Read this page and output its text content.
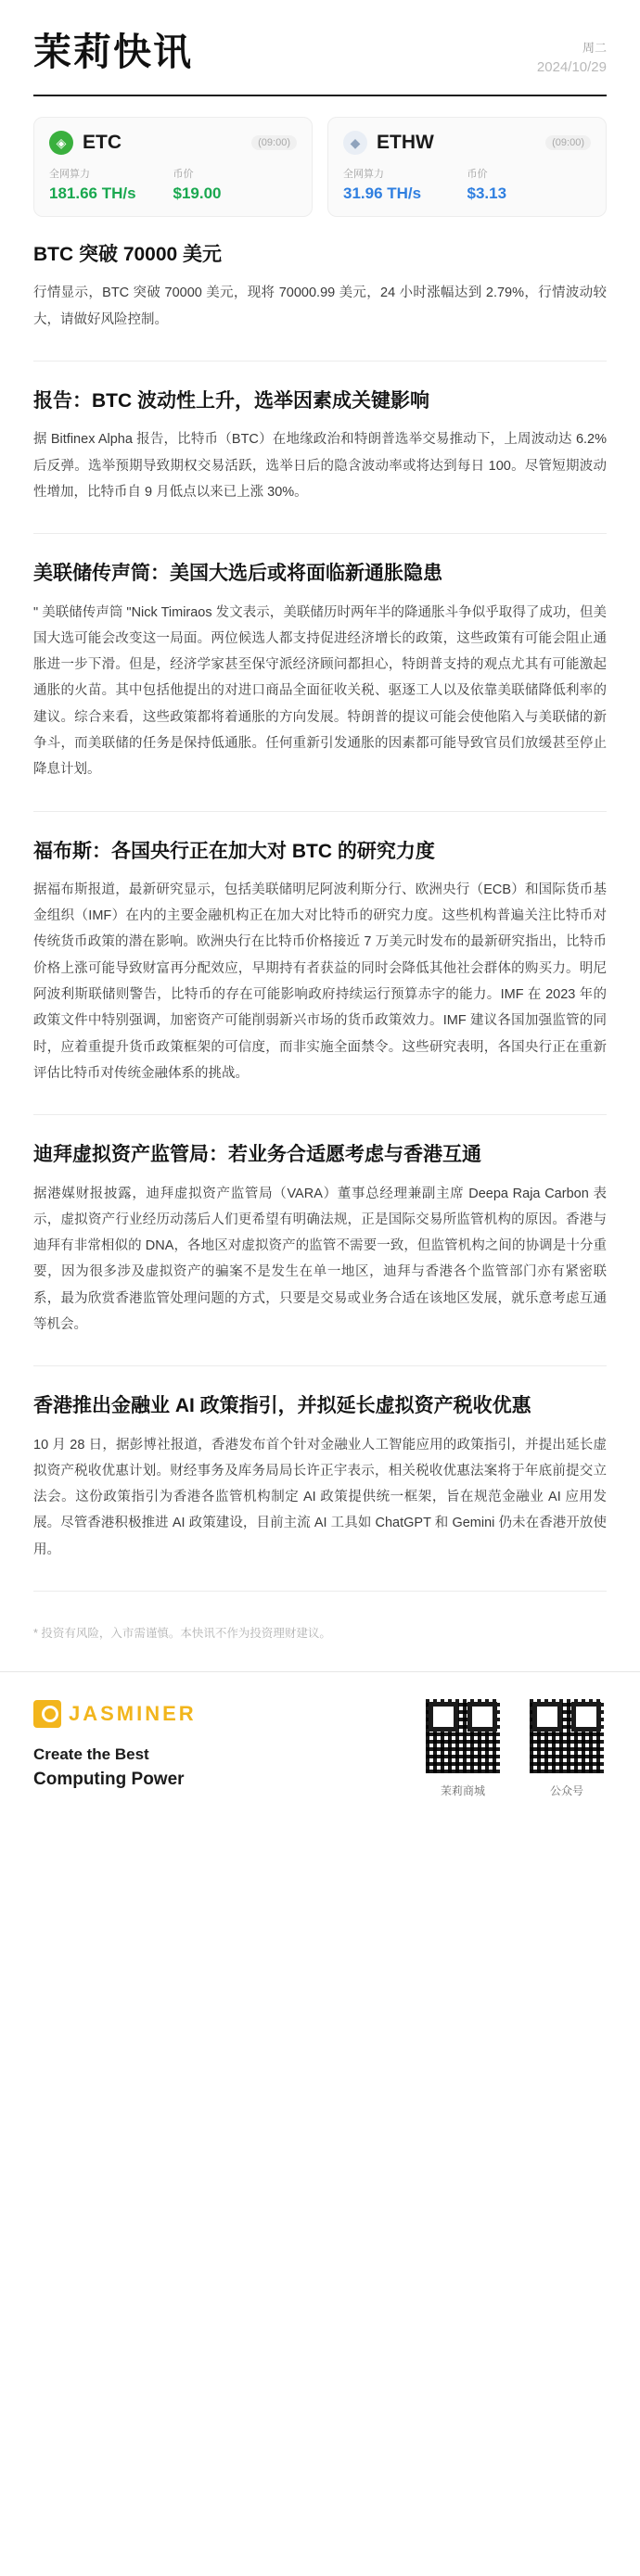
茉莉快讯	周二
2024/10/29
◈ ETC	(09:00)
全网算力
181.66 TH/s
币价
$19.00
◆ ETHW	(09:00)
全网算力
31.96 TH/s
币价
$3.13
BTC 突破 70000 美元

行情显示，BTC 突破 70000 美元，现将 70000.99 美元，24 小时涨幅达到 2.79%，行情波动较大，请做好风险控制。

报告：BTC 波动性上升，选举因素成关键影响

据 Bitfinex Alpha 报告，比特币（BTC）在地缘政治和特朗普选举交易推动下，上周波动达 6.2% 后反弹。选举预期导致期权交易活跃，选举日后的隐含波动率或将达到每日 100。尽管短期波动性增加，比特币自 9 月低点以来已上涨 30%。

美联储传声筒：美国大选后或将面临新通胀隐患

" 美联储传声筒 "Nick Timiraos 发文表示，美联储历时两年半的降通胀斗争似乎取得了成功，但美国大选可能会改变这一局面。两位候选人都支持促进经济增长的政策，这些政策有可能会阻止通胀进一步下滑。但是，经济学家甚至保守派经济顾问都担心，特朗普支持的观点尤其有可能激起通胀的火苗。其中包括他提出的对进口商品全面征收关税、驱逐工人以及依靠美联储降低利率的建议。综合来看，这些政策都将着通胀的方向发展。特朗普的提议可能会使他陷入与美联储的新争斗，而美联储的任务是保持低通胀。任何重新引发通胀的因素都可能导致官员们放缓甚至停止降息计划。

福布斯：各国央行正在加大对 BTC 的研究力度

据福布斯报道，最新研究显示，包括美联储明尼阿波利斯分行、欧洲央行（ECB）和国际货币基金组织（IMF）在内的主要金融机构正在加大对比特币的研究力度。这些机构普遍关注比特币对传统货币政策的潜在影响。欧洲央行在比特币价格接近 7 万美元时发布的最新研究指出，比特币价格上涨可能导致财富再分配效应，早期持有者获益的同时会降低其他社会群体的购买力。明尼阿波利斯联储则警告，比特币的存在可能影响政府持续运行预算赤字的能力。IMF 在 2023 年的政策文件中特别强调，加密资产可能削弱新兴市场的货币政策效力。IMF 建议各国加强监管的同时，应着重提升货币政策框架的可信度，而非实施全面禁令。这些研究表明，各国央行正在重新评估比特币对传统金融体系的挑战。

迪拜虚拟资产监管局：若业务合适愿考虑与香港互通

据港媒财报披露，迪拜虚拟资产监管局（VARA）董事总经理兼副主席 Deepa Raja Carbon 表示，虚拟资产行业经历动荡后人们更希望有明确法规，正是国际交易所监管机构的原因。香港与迪拜有非常相似的 DNA，各地区对虚拟资产的监管不需要一致，但监管机构之间的协调是十分重要，因为很多涉及虚拟资产的骗案不是发生在单一地区，迪拜与香港各个监管部门亦有紧密联系，最为欣赏香港监管处理问题的方式，只要是交易或业务合适在该地区发展，就乐意考虑互通等机会。

香港推出金融业 AI 政策指引，并拟延长虚拟资产税收优惠

10 月 28 日，据彭博社报道，香港发布首个针对金融业人工智能应用的政策指引，并提出延长虚拟资产税收优惠计划。财经事务及库务局局长许正宇表示，相关税收优惠法案将于年底前提交立法会。这份政策指引为香港各监管机构制定 AI 政策提供统一框架，旨在规范金融业 AI 应用发展。尽管香港积极推进 AI 政策建设，目前主流 AI 工具如 ChatGPT 和 Gemini 仍未在香港开放使用。

* 投资有风险，入市需谨慎。本快讯不作为投资理财建议。
JASMINER
Create the Best
Computing Power
茉莉商城	公众号
